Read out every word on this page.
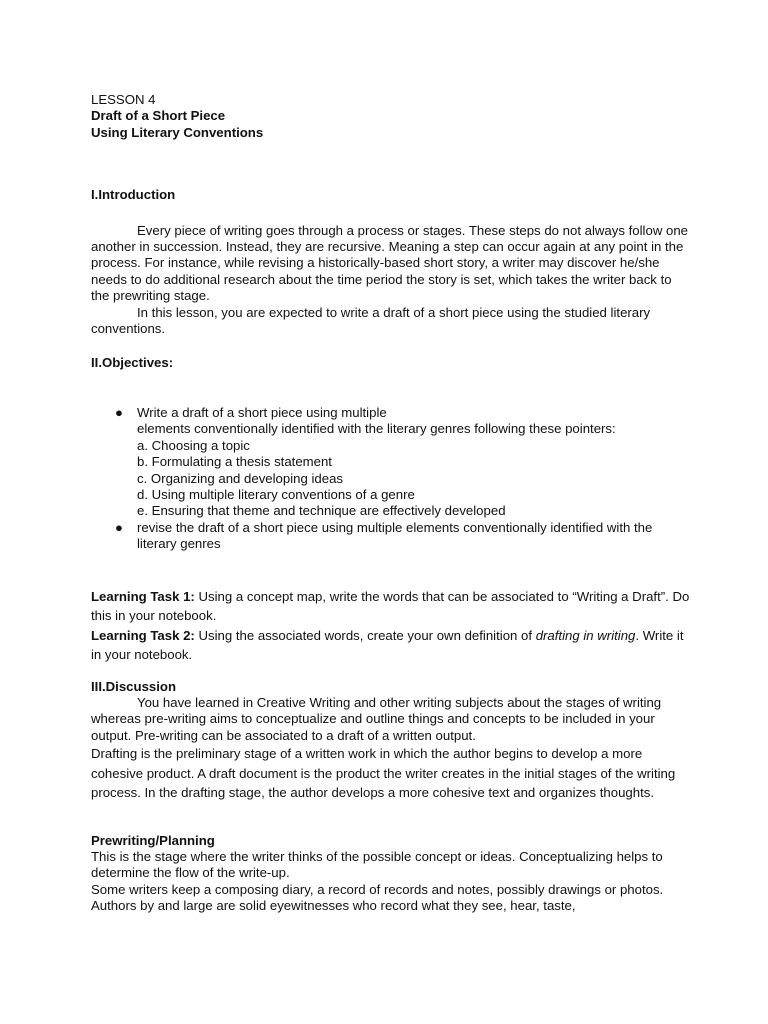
LESSON 4

Draft of a Short Piece

Using Literary Conventions

I.Introduction

Every piece of writing goes through a process or stages. These steps do not always follow one another in succession. Instead, they are recursive. Meaning a step can occur again at any point in the process. For instance, while revising a historically-based short story, a writer may discover he/she needs to do additional research about the time period the story is set, which takes the writer back to the prewriting stage.

In this lesson, you are expected to write a draft of a short piece using the studied literary conventions.

II.Objectives:

● Write a draft of a short piece using multiple
elements conventionally identified with the literary genres following these pointers:
a. Choosing a topic
b. Formulating a thesis statement
c. Organizing and developing ideas
d. Using multiple literary conventions of a genre
e. Ensuring that theme and technique are effectively developed
● revise the draft of a short piece using multiple elements conventionally identified with the literary genres

Learning Task 1: Using a concept map, write the words that can be associated to “Writing a Draft”. Do this in your notebook.

Learning Task 2: Using the associated words, create your own definition of drafting in writing. Write it in your notebook.

III.Discussion

You have learned in Creative Writing and other writing subjects about the stages of writing whereas pre-writing aims to conceptualize and outline things and concepts to be included in your output. Pre-writing can be associated to a draft of a written output.

Drafting is the preliminary stage of a written work in which the author begins to develop a more cohesive product. A draft document is the product the writer creates in the initial stages of the writing process. In the drafting stage, the author develops a more cohesive text and organizes thoughts.

Prewriting/Planning

This is the stage where the writer thinks of the possible concept or ideas. Conceptualizing helps to determine the flow of the write-up.

Some writers keep a composing diary, a record of records and notes, possibly drawings or photos. Authors by and large are solid eyewitnesses who record what they see, hear, taste,
